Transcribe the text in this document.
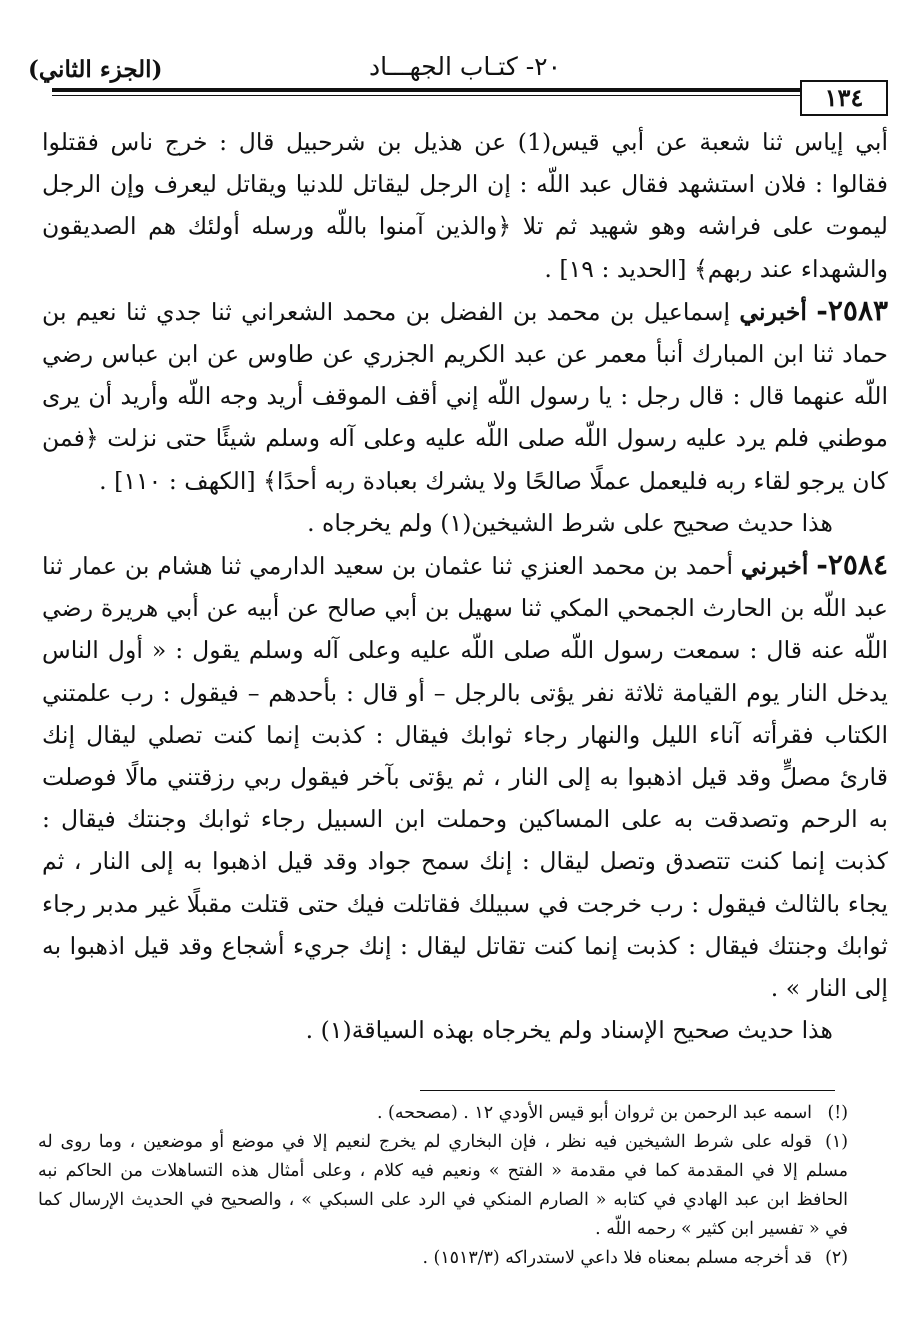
(الجزء الثاني)	٢٠- كتـاب الجهـــاد
١٣٤

أبي إياس ثنا شعبة عن أبي قيس(1) عن هذيل بن شرحبيل قال : خرج ناس فقتلوا فقالوا : فلان استشهد فقال عبد اللّه : إن الرجل ليقاتل للدنيا ويقاتل ليعرف وإن الرجل ليموت على فراشه وهو شهيد ثم تلا ﴿والذين آمنوا باللّه ورسله أولئك هم الصديقون والشهداء عند ربهم﴾ [الحديد : ١٩] .

٢٥٨٣- أخبرني إسماعيل بن محمد بن الفضل بن محمد الشعراني ثنا جدي ثنا نعيم بن حماد ثنا ابن المبارك أنبأ معمر عن عبد الكريم الجزري عن طاوس عن ابن عباس رضي اللّه عنهما قال : قال رجل : يا رسول اللّه إني أقف الموقف أريد وجه اللّه وأريد أن يرى موطني فلم يرد عليه رسول اللّه صلى اللّه عليه وعلى آله وسلم شيئًا حتى نزلت ﴿فمن كان يرجو لقاء ربه فليعمل عملًا صالحًا ولا يشرك بعبادة ربه أحدًا﴾ [الكهف : ١١٠] .

هذا حديث صحيح على شرط الشيخين(١) ولم يخرجاه .

٢٥٨٤- أخبرني أحمد بن محمد العنزي ثنا عثمان بن سعيد الدارمي ثنا هشام بن عمار ثنا عبد اللّه بن الحارث الجمحي المكي ثنا سهيل بن أبي صالح عن أبيه عن أبي هريرة رضي اللّه عنه قال : سمعت رسول اللّه صلى اللّه عليه وعلى آله وسلم يقول : « أول الناس يدخل النار يوم القيامة ثلاثة نفر يؤتى بالرجل – أو قال : بأحدهم – فيقول : رب علمتني الكتاب فقرأته آناء الليل والنهار رجاء ثوابك فيقال : كذبت إنما كنت تصلي ليقال إنك قارئ مصلٍّ وقد قيل اذهبوا به إلى النار ، ثم يؤتى بآخر فيقول ربي رزقتني مالًا فوصلت به الرحم وتصدقت به على المساكين وحملت ابن السبيل رجاء ثوابك وجنتك فيقال : كذبت إنما كنت تتصدق وتصل ليقال : إنك سمح جواد وقد قيل اذهبوا به إلى النار ، ثم يجاء بالثالث فيقول : رب خرجت في سبيلك فقاتلت فيك حتى قتلت مقبلًا غير مدبر رجاء ثوابك وجنتك فيقال : كذبت إنما كنت تقاتل ليقال : إنك جريء أشجاع وقد قيل اذهبوا به إلى النار » .

هذا حديث صحيح الإسناد ولم يخرجاه بهذه السياقة(١) .

(!)اسمه عبد الرحمن بن ثروان أبو قيس الأودي ١٢ . (مصححه) .

(١)قوله على شرط الشيخين فيه نظر ، فإن البخاري لم يخرج لنعيم إلا في موضع أو موضعين ، وما روى له مسلم إلا في المقدمة كما في مقدمة « الفتح » ونعيم فيه كلام ، وعلى أمثال هذه التساهلات من الحاكم نبه الحافظ ابن عبد الهادي في كتابه « الصارم المنكي في الرد على السبكي » ، والصحيح في الحديث الإرسال كما في « تفسير ابن كثير » رحمه اللّه .

(٢)قد أخرجه مسلم بمعناه فلا داعي لاستدراكه (١٥١٣/٣) .
